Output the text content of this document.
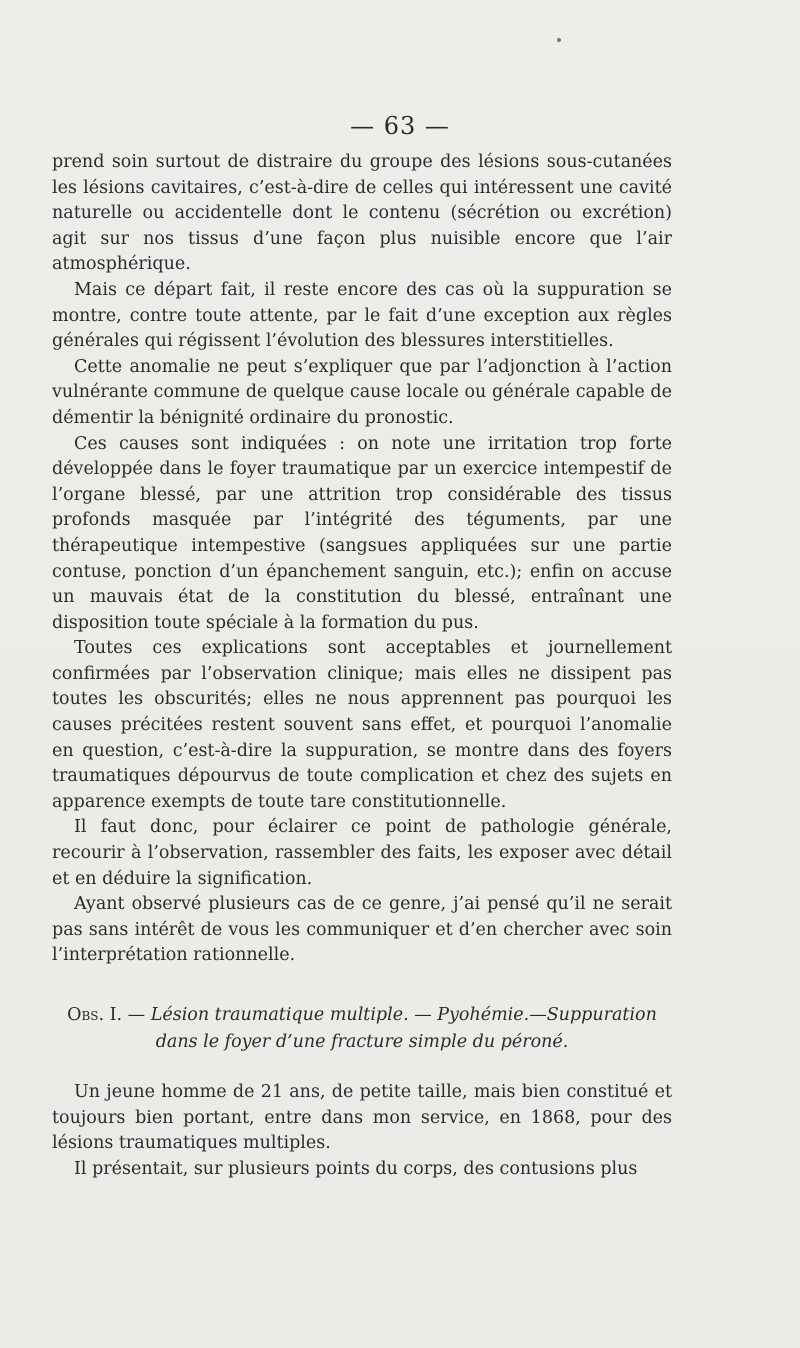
— 63 —

prend soin surtout de distraire du groupe des lésions sous-cutanées les lésions cavitaires, c’est-à-dire de celles qui intéressent une cavité naturelle ou accidentelle dont le contenu (sécrétion ou excrétion) agit sur nos tissus d’une façon plus nuisible encore que l’air atmosphérique.

Mais ce départ fait, il reste encore des cas où la suppuration se montre, contre toute attente, par le fait d’une exception aux règles générales qui régissent l’évolution des blessures interstitielles.

Cette anomalie ne peut s’expliquer que par l’adjonction à l’action vulnérante commune de quelque cause locale ou générale capable de démentir la bénignité ordinaire du pronostic.

Ces causes sont indiquées : on note une irritation trop forte développée dans le foyer traumatique par un exercice intempestif de l’organe blessé, par une attrition trop considérable des tissus profonds masquée par l’intégrité des téguments, par une thérapeutique intempestive (sangsues appliquées sur une partie contuse, ponction d’un épanchement sanguin, etc.); enfin on accuse un mauvais état de la constitution du blessé, entraînant une disposition toute spéciale à la formation du pus.

Toutes ces explications sont acceptables et journellement confirmées par l’observation clinique; mais elles ne dissipent pas toutes les obscurités; elles ne nous apprennent pas pourquoi les causes précitées restent souvent sans effet, et pourquoi l’anomalie en question, c’est-à-dire la suppuration, se montre dans des foyers traumatiques dépourvus de toute complication et chez des sujets en apparence exempts de toute tare constitutionnelle.

Il faut donc, pour éclairer ce point de pathologie générale, recourir à l’observation, rassembler des faits, les exposer avec détail et en déduire la signification.

Ayant observé plusieurs cas de ce genre, j’ai pensé qu’il ne serait pas sans intérêt de vous les communiquer et d’en chercher avec soin l’interprétation rationnelle.

Obs. I. — Lésion traumatique multiple. — Pyohémie.—Suppuration dans le foyer d’une fracture simple du péroné.

Un jeune homme de 21 ans, de petite taille, mais bien constitué et toujours bien portant, entre dans mon service, en 1868, pour des lésions traumatiques multiples.

Il présentait, sur plusieurs points du corps, des contusions plus
